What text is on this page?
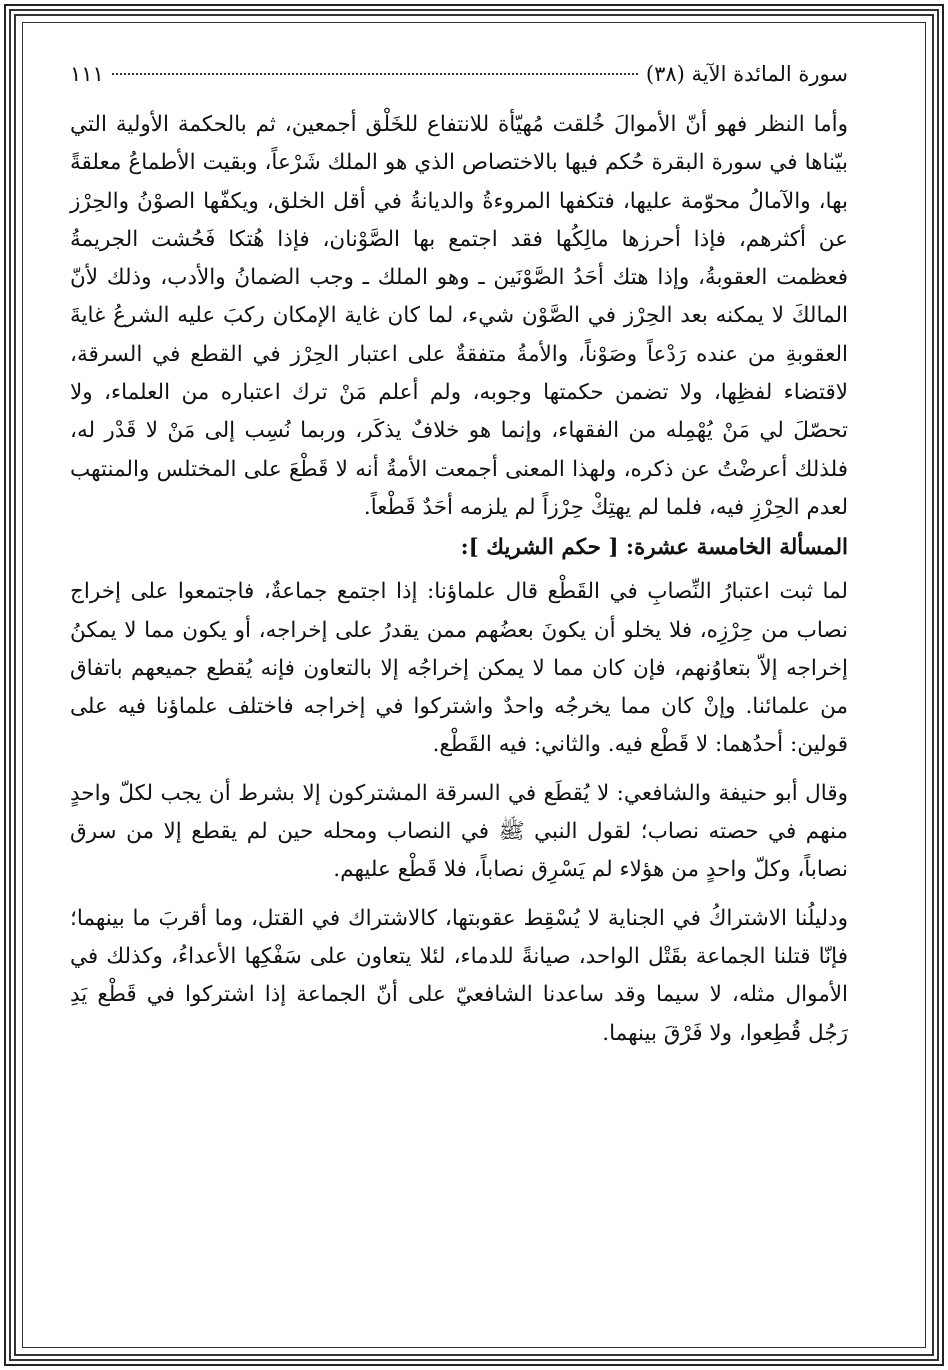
سورة المائدة الآية (٣٨)
١١١

وأما النظر فهو أنّ الأموالَ خُلقت مُهيّأة للانتفاع للخَلْق أجمعين، ثم بالحكمة الأولية التي بيّناها في سورة البقرة حُكم فيها بالاختصاص الذي هو الملك شَرْعاً، وبقيت الأطماعُ معلقةً بها، والآمالُ محوّمة عليها، فتكفها المروءةُ والديانةُ في أقل الخلق، ويكفّها الصوْنُ والحِرْز عن أكثرهم، فإذا أحرزها مالِكُها فقد اجتمع بها الصَّوْنان، فإذا هُتكا فَحُشت الجريمةُ فعظمت العقوبةُ، وإذا هتك أحَدُ الصَّوْنَين ـ وهو الملك ـ وجب الضمانُ والأدب، وذلك لأنّ المالكَ لا يمكنه بعد الحِرْز في الصَّوْن شيء، لما كان غاية الإمكان ركبَ عليه الشرعُ غايةَ العقوبةِ من عنده رَدْعاً وصَوْناً، والأمةُ متفقةٌ على اعتبار الحِرْز في القطع في السرقة، لاقتضاء لفظِها، ولا تضمن حكمتها وجوبه، ولم أعلم مَنْ ترك اعتباره من العلماء، ولا تحصّلَ لي مَنْ يُهْمِله من الفقهاء، وإنما هو خلافٌ يذكَر، وربما نُسِب إلى مَنْ لا قَدْر له، فلذلك أعرضْتُ عن ذكره، ولهذا المعنى أجمعت الأمةُ أنه لا قَطْعَ على المختلس والمنتهب لعدم الحِرْزِ فيه، فلما لم يهتِكْ حِرْزاً لم يلزمه أحَدٌ قَطْعاً.

المسألة الخامسة عشرة: [ حكم الشريك ]:

لما ثبت اعتبارُ النِّصابِ في القَطْع قال علماؤنا: إذا اجتمع جماعةٌ، فاجتمعوا على إخراج نصاب من حِرْزِه، فلا يخلو أن يكونَ بعضُهم ممن يقدرُ على إخراجه، أو يكون مما لا يمكنُ إخراجه إلاّ بتعاوُنهم، فإن كان مما لا يمكن إخراجُه إلا بالتعاون فإنه يُقطع جميعهم باتفاق من علمائنا. وإنْ كان مما يخرجُه واحدٌ واشتركوا في إخراجه فاختلف علماؤنا فيه على قولين: أحدُهما: لا قَطْع فيه. والثاني: فيه القَطْع.

وقال أبو حنيفة والشافعي: لا يُقطَع في السرقة المشتركون إلا بشرط أن يجب لكلّ واحدٍ منهم في حصته نصاب؛ لقول النبي ﷺ في النصاب ومحله حين لم يقطع إلا من سرق نصاباً، وكلّ واحدٍ من هؤلاء لم يَسْرِق نصاباً، فلا قَطْع عليهم.

ودليلُنا الاشتراكُ في الجناية لا يُسْقِط عقوبتها، كالاشتراك في القتل، وما أقربَ ما بينهما؛ فإنّا قتلنا الجماعة بقَتْل الواحد، صيانةً للدماء، لئلا يتعاون على سَفْكِها الأعداءُ، وكذلك في الأموال مثله، لا سيما وقد ساعدنا الشافعيّ على أنّ الجماعة إذا اشتركوا في قَطْع يَدِ رَجُل قُطِعوا، ولا فَرْقَ بينهما.
